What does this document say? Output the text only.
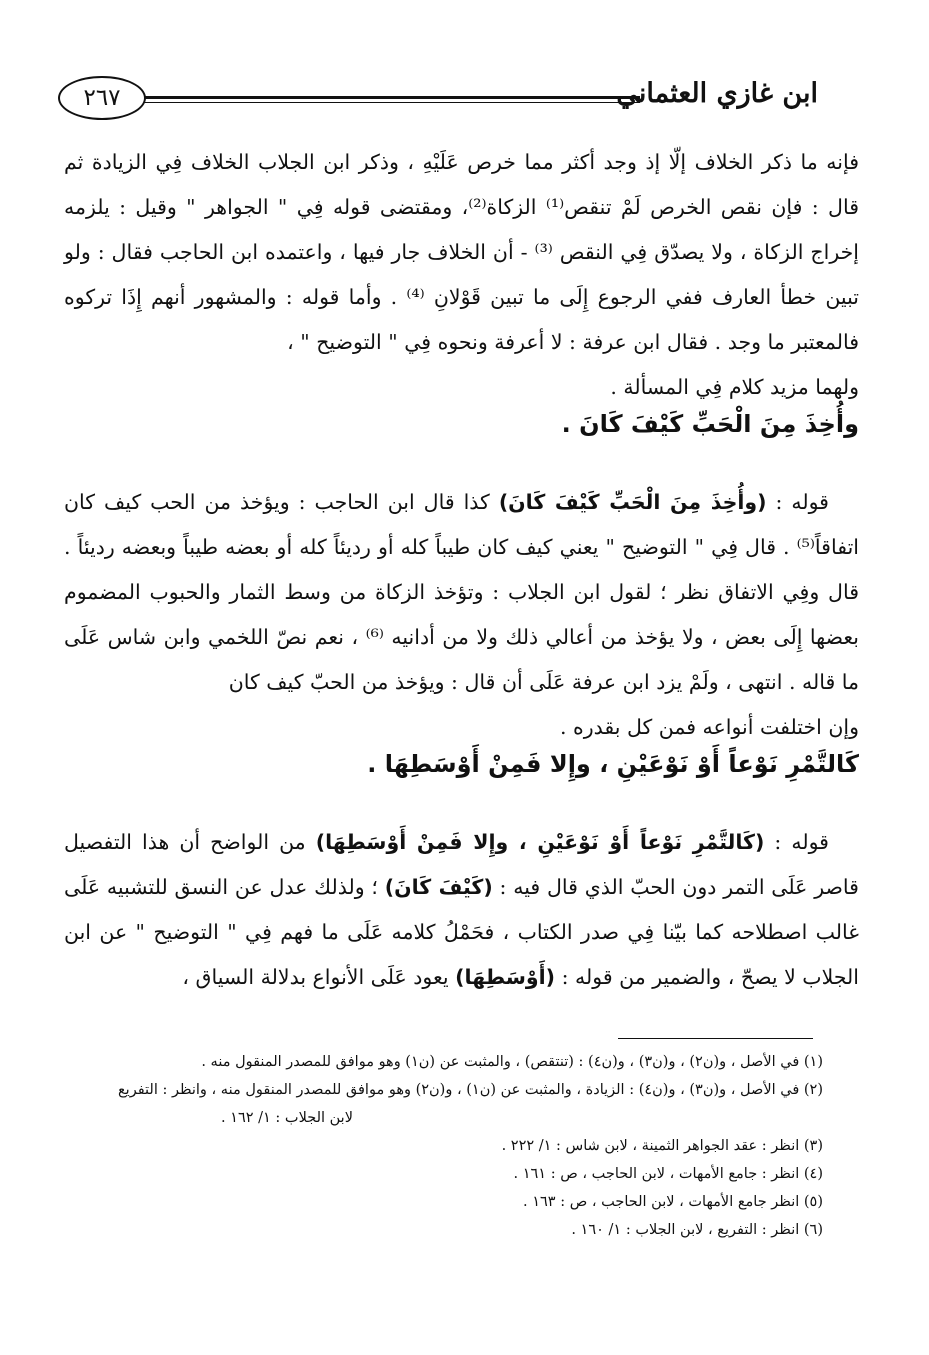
ابن غازي العثماني
٢٦٧

فإنه ما ذكر الخلاف إلّا إذ وجد أكثر مما خرص عَلَيْهِ ، وذكر ابن الجلاب الخلاف فِي الزيادة ثم قال : فإن نقص الخرص لَمْ تنقص⁽¹⁾ الزكاة⁽²⁾، ومقتضى قوله فِي " الجواهر " وقيل : يلزمه إخراج الزكاة ، ولا يصدّق فِي النقص ⁽³⁾ - أن الخلاف جار فيها ، واعتمده ابن الحاجب فقال : ولو تبين خطأ العارف ففي الرجوع إِلَى ما تبين قَوْلانِ ⁽⁴⁾ . وأما قوله : والمشهور أنهم إِذَا تركوه فالمعتبر ما وجد . فقال ابن عرفة : لا أعرفة ونحوه فِي " التوضيح " ،

ولهما مزيد كلام فِي المسألة .

وأُخِذَ مِنَ الْحَبِّ كَيْفَ كَانَ .

قوله : (وأُخِذَ مِنَ الْحَبِّ كَيْفَ كَانَ) كذا قال ابن الحاجب : ويؤخذ من الحب كيف كان اتفاقاً⁽⁵⁾ . قال فِي " التوضيح " يعني كيف كان طيباً كله أو رديئاً كله أو بعضه طيباً وبعضه رديئاً . قال وفِي الاتفاق نظر ؛ لقول ابن الجلاب : وتؤخذ الزكاة من وسط الثمار والحبوب المضموم بعضها إِلَى بعض ، ولا يؤخذ من أعالي ذلك ولا من أدانيه ⁽⁶⁾ ، نعم نصّ اللخمي وابن شاس عَلَى ما قاله . انتهى ، ولَمْ يزد ابن عرفة عَلَى أن قال : ويؤخذ من الحبّ كيف كان

وإن اختلفت أنواعه فمن كل بقدره .

كَالتَّمْرِ نَوْعاً أَوْ نَوْعَيْنِ ، وإِلا فَمِنْ أَوْسَطِهَا .

قوله : (كَالتَّمْرِ نَوْعاً أَوْ نَوْعَيْنِ ، وإِلا فَمِنْ أَوْسَطِهَا) من الواضح أن هذا التفصيل قاصر عَلَى التمر دون الحبّ الذي قال فيه : (كَيْفَ كَانَ) ؛ ولذلك عدل عن النسق للتشبيه عَلَى غالب اصطلاحه كما بيّنا فِي صدر الكتاب ، فحَمْلُ كلامه عَلَى ما فهم فِي " التوضيح " عن ابن الجلاب لا يصحّ ، والضمير من قوله : (أَوْسَطِهَا) يعود عَلَى الأنواع بدلالة السياق ،

(١) في الأصل ، و(ن٢) ، و(ن٣) ، و(ن٤) : (تنتقص) ، والمثبت عن (ن١) وهو موافق للمصدر المنقول منه .

(٢) في الأصل ، و(ن٣) ، و(ن٤) : الزيادة ، والمثبت عن (ن١) ، و(ن٢) وهو موافق للمصدر المنقول منه ، وانظر : التفريع

لابن الجلاب : ١/ ١٦٢ .

(٣) انظر : عقد الجواهر الثمينة ، لابن شاس : ١/ ٢٢٢ .

(٤) انظر : جامع الأمهات ، لابن الحاجب ، ص : ١٦١ .

(٥) انظر جامع الأمهات ، لابن الحاجب ، ص : ١٦٣ .

(٦) انظر : التفريع ، لابن الجلاب : ١/ ١٦٠ .
